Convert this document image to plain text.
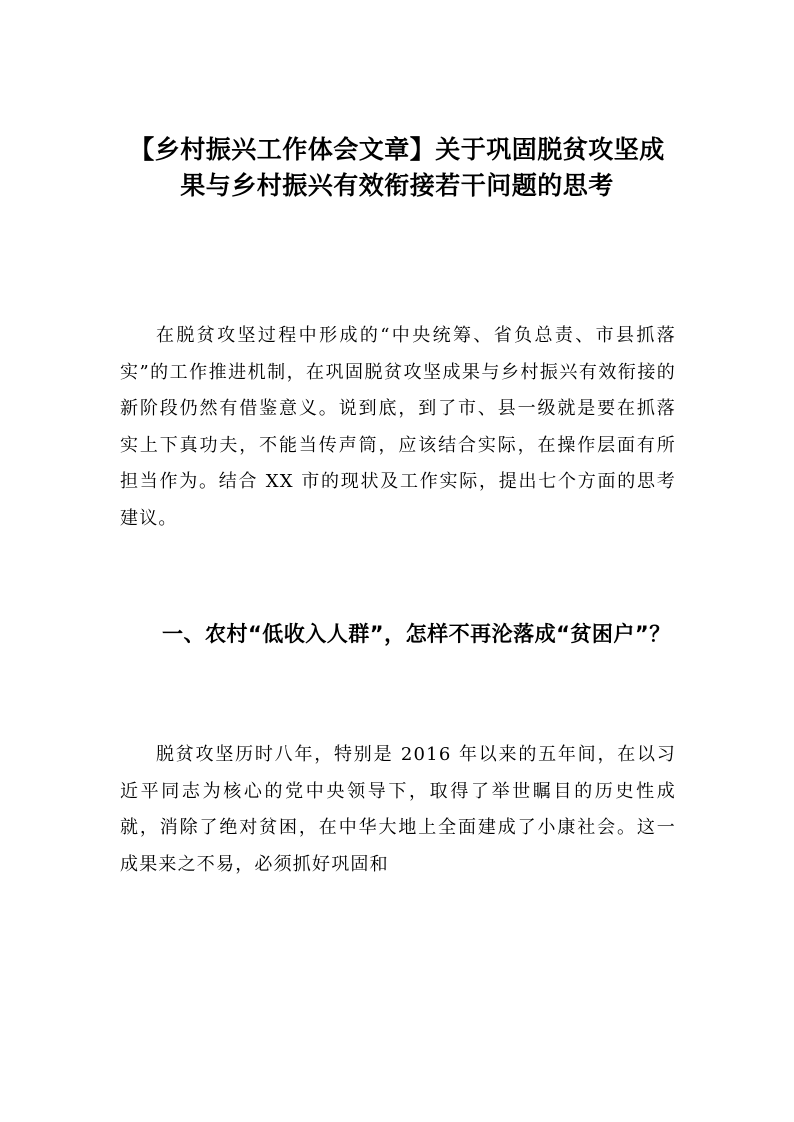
【乡村振兴工作体会文章】关于巩固脱贫攻坚成果与乡村振兴有效衔接若干问题的思考

在脱贫攻坚过程中形成的“中央统筹、省负总责、市县抓落实”的工作推进机制，在巩固脱贫攻坚成果与乡村振兴有效衔接的新阶段仍然有借鉴意义。说到底，到了市、县一级就是要在抓落实上下真功夫，不能当传声筒，应该结合实际，在操作层面有所担当作为。结合 XX 市的现状及工作实际，提出七个方面的思考建议。

一、农村“低收入人群”，怎样不再沦落成“贫困户”？

脱贫攻坚历时八年，特别是 2016 年以来的五年间，在以习近平同志为核心的党中央领导下，取得了举世瞩目的历史性成就，消除了绝对贫困，在中华大地上全面建成了小康社会。这一成果来之不易，必须抓好巩固和
